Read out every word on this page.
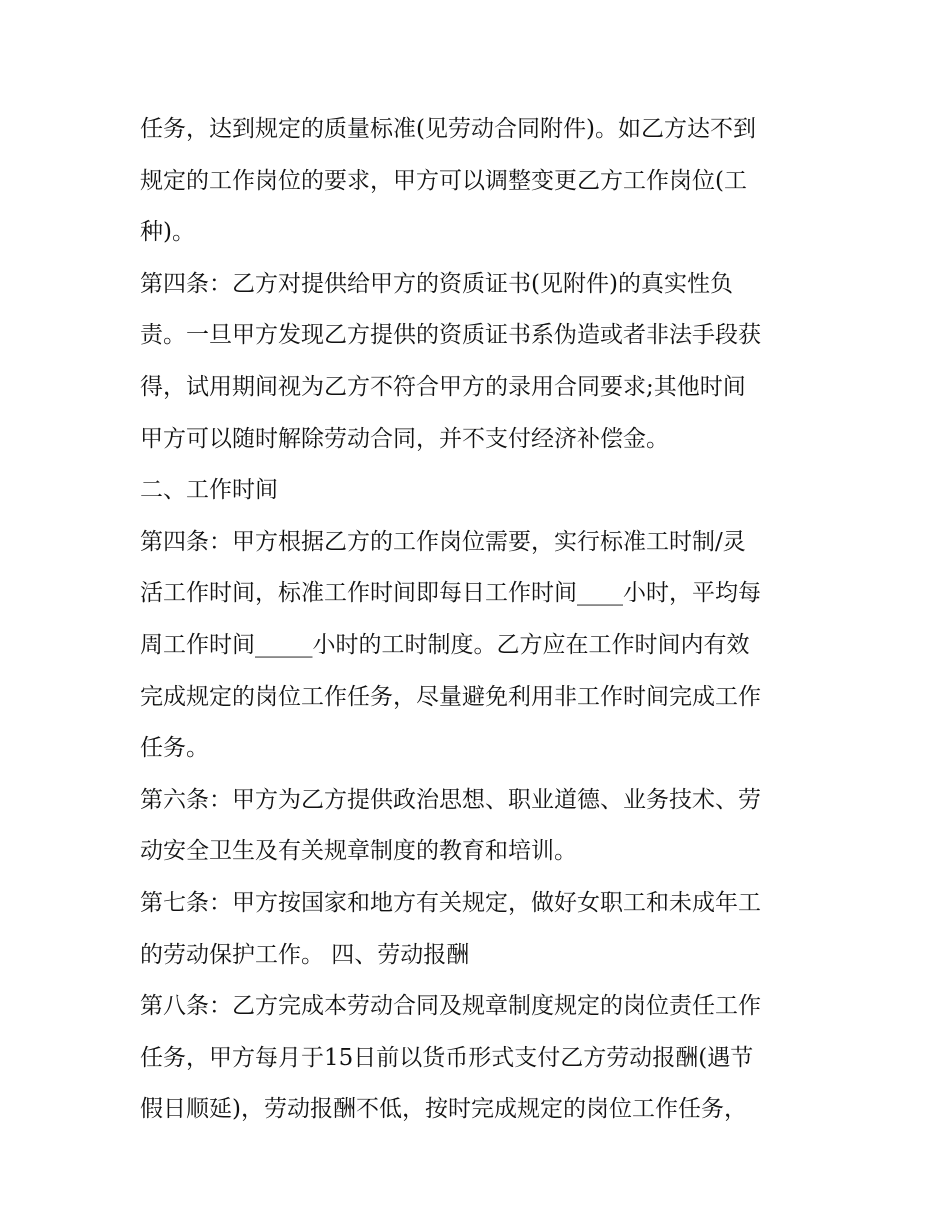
任务，达到规定的质量标准(见劳动合同附件)。如乙方达不到
规定的工作岗位的要求，甲方可以调整变更乙方工作岗位(工
种)。
第四条：乙方对提供给甲方的资质证书(见附件)的真实性负
责。一旦甲方发现乙方提供的资质证书系伪造或者非法手段获
得，试用期间视为乙方不符合甲方的录用合同要求;其他时间
甲方可以随时解除劳动合同，并不支付经济补偿金。
二、工作时间
第四条：甲方根据乙方的工作岗位需要，实行标准工时制/灵
活工作时间，标准工作时间即每日工作时间____小时，平均每
周工作时间_____小时的工时制度。乙方应在工作时间内有效
完成规定的岗位工作任务，尽量避免利用非工作时间完成工作
任务。
第六条：甲方为乙方提供政治思想、职业道德、业务技术、劳
动安全卫生及有关规章制度的教育和培训。
第七条：甲方按国家和地方有关规定，做好女职工和未成年工
的劳动保护工作。 四、劳动报酬
第八条：乙方完成本劳动合同及规章制度规定的岗位责任工作
任务，甲方每月于15日前以货币形式支付乙方劳动报酬(遇节
假日顺延)，劳动报酬不低，按时完成规定的岗位工作任务，
